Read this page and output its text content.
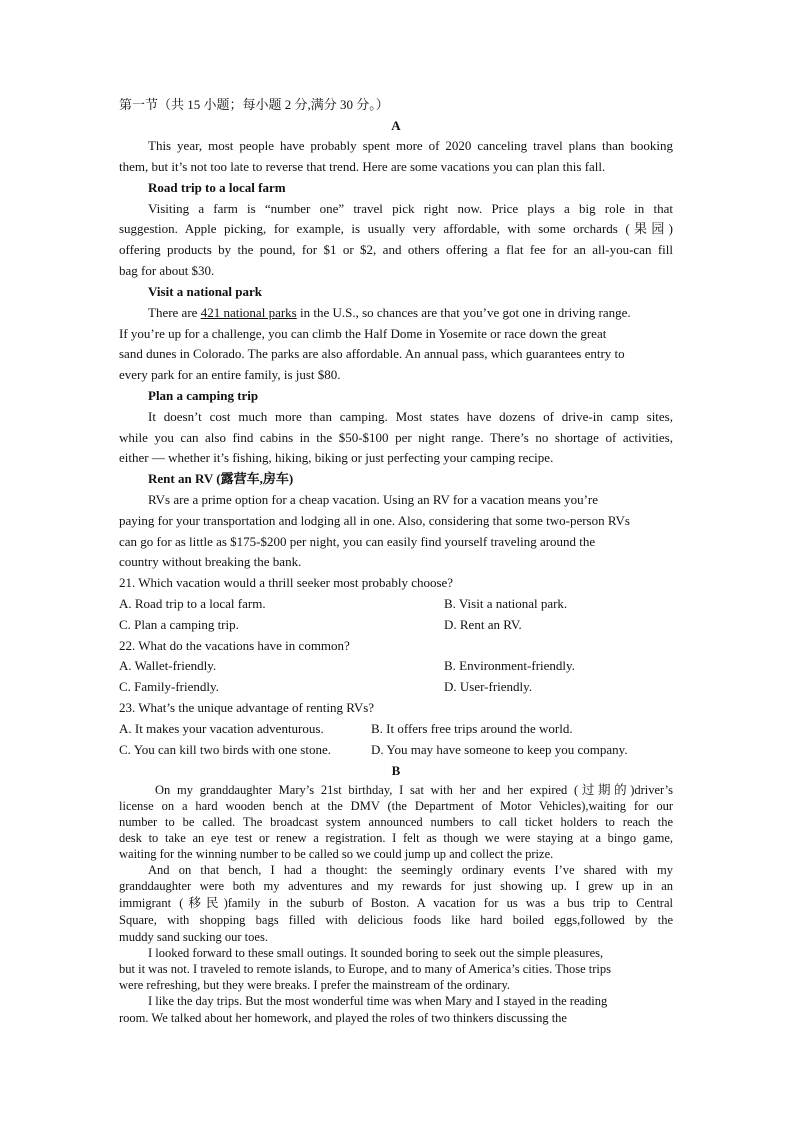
第一节（共 15 小题；每小题 2 分,满分 30 分。）

A

This year, most people have probably spent more of 2020 canceling travel plans than booking

them, but it’s not too late to reverse that trend. Here are some vacations you can plan this fall.

Road trip to a local farm

Visiting a farm is “number one” travel pick right now. Price plays a big role in that

suggestion. Apple picking, for example, is usually very affordable, with some orchards (果园)

offering products by the pound, for $1 or $2, and others offering a flat fee for an all-you-can fill

bag for about $30.

Visit a national park

There are 421 national parks in the U.S., so chances are that you’ve got one in driving range.

If you’re up for a challenge, you can climb the Half Dome in Yosemite or race down the great

sand dunes in Colorado. The parks are also affordable. An annual pass, which guarantees entry to

every park for an entire family, is just $80.

Plan a camping trip

It doesn’t cost much more than camping. Most states have dozens of drive-in camp sites,

while you can also find cabins in the $50-$100 per night range. There’s no shortage of activities,

either — whether it’s fishing, hiking, biking or just perfecting your camping recipe.

Rent an RV (露营车,房车)

RVs are a prime option for a cheap vacation. Using an RV for a vacation means you’re

paying for your transportation and lodging all in one. Also, considering that some two-person RVs

can go for as little as $175-$200 per night, you can easily find yourself traveling around the

country without breaking the bank.

21. Which vacation would a thrill seeker most probably choose?

A. Road trip to a local farm.	B. Visit a national park.

C. Plan a camping trip.	D. Rent an RV.

22. What do the vacations have in common?

A. Wallet-friendly.	B. Environment-friendly.

C. Family-friendly.	D. User-friendly.

23. What’s the unique advantage of renting RVs?

A. It makes your vacation adventurous.	B. It offers free trips around the world.

C. You can kill two birds with one stone.	D. You may have someone to keep you company.

B

On my granddaughter Mary’s 21st birthday, I sat with her and her expired (过期的)driver’s

license on a hard wooden bench at the DMV (the Department of Motor Vehicles),waiting for our

number to be called. The broadcast system announced numbers to call ticket holders to reach the

desk to take an eye test or renew a registration. I felt as though we were staying at a bingo game,

waiting for the winning number to be called so we could jump up and collect the prize.

And on that bench, I had a thought: the seemingly ordinary events I’ve shared with my

granddaughter were both my adventures and my rewards for just showing up. I grew up in an

immigrant (移民)family in the suburb of Boston. A vacation for us was a bus trip to Central

Square, with shopping bags filled with delicious foods like hard boiled eggs,followed by the

muddy sand sucking our toes.

I looked forward to these small outings. It sounded boring to seek out the simple pleasures,

but it was not. I traveled to remote islands, to Europe, and to many of America’s cities. Those trips

were refreshing, but they were breaks. I prefer the mainstream of the ordinary.

I like the day trips. But the most wonderful time was when Mary and I stayed in the reading

room. We talked about her homework, and played the roles of two thinkers discussing the
